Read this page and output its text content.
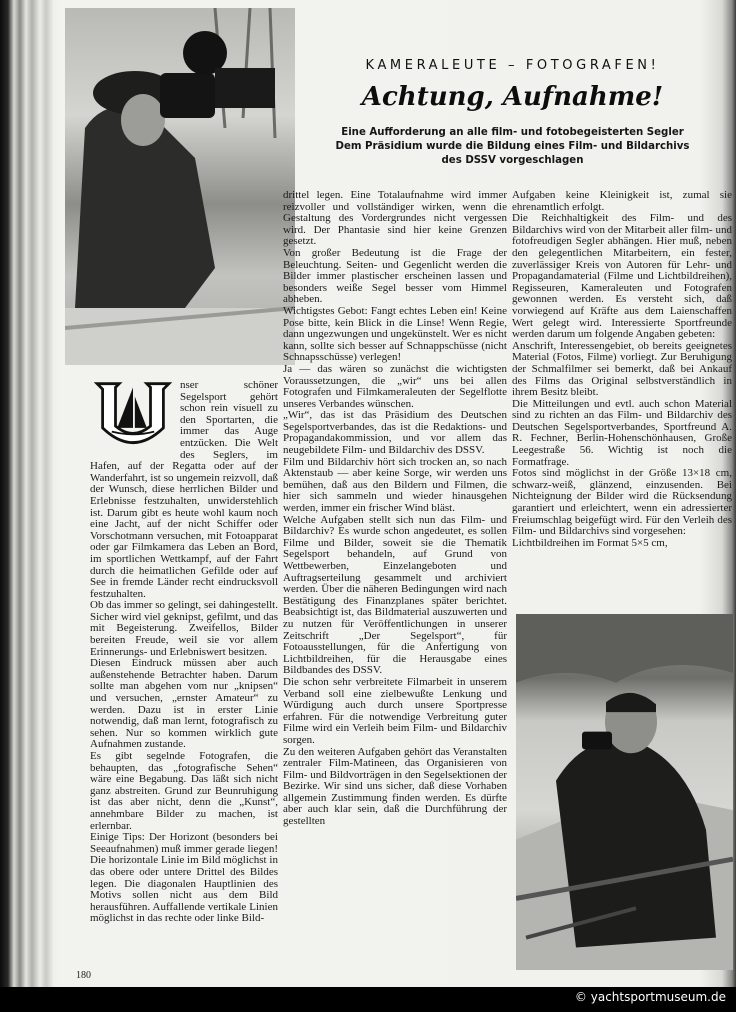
KAMERALEUTE – FOTOGRAFEN!
Achtung, Aufnahme!
Eine Aufforderung an alle film- und fotobegeisterten Segler
Dem Präsidium wurde die Bildung eines Film- und Bildarchivs
des DSSV vorgeschlagen

nser schöner Segelsport gehört schon rein visuell zu den Sportarten, die immer das Auge entzücken. Die Welt des Seglers, im Hafen, auf der Regatta oder auf der Wanderfahrt, ist so ungemein reizvoll, daß der Wunsch, diese herrlichen Bilder und Erlebnisse festzuhalten, unwiderstehlich ist. Darum gibt es heute wohl kaum noch eine Jacht, auf der nicht Schiffer oder Vorschotmann versuchen, mit Fotoapparat oder gar Filmkamera das Leben an Bord, im sportlichen Wettkampf, auf der Fahrt durch die heimatlichen Gefilde oder auf See in fremde Länder recht eindrucksvoll festzuhalten.

Ob das immer so gelingt, sei dahingestellt. Sicher wird viel geknipst, gefilmt, und das mit Begeisterung. Zweifellos, Bilder bereiten Freude, weil sie vor allem Erinnerungs- und Erlebniswert besitzen.

Diesen Eindruck müssen aber auch außenstehende Betrachter haben. Darum sollte man abgehen vom nur „knipsen“ und versuchen, „ernster Amateur“ zu werden. Dazu ist in erster Linie notwendig, daß man lernt, fotografisch zu sehen. Nur so kommen wirklich gute Aufnahmen zustande.

Es gibt segelnde Fotografen, die behaupten, das „fotografische Sehen“ wäre eine Begabung. Das läßt sich nicht ganz abstreiten. Grund zur Beunruhigung ist das aber nicht, denn die „Kunst“, annehmbare Bilder zu machen, ist erlernbar.

Einige Tips: Der Horizont (besonders bei Seeaufnahmen) muß immer gerade liegen! Die horizontale Linie im Bild möglichst in das obere oder untere Drittel des Bildes legen. Die diagonalen Hauptlinien des Motivs sollen nicht aus dem Bild herausführen. Auffallende vertikale Linien möglichst in das rechte oder linke Bild-

drittel legen. Eine Totalaufnahme wird immer reizvoller und vollständiger wirken, wenn die Gestaltung des Vordergrundes nicht vergessen wird. Der Phantasie sind hier keine Grenzen gesetzt.

Von großer Bedeutung ist die Frage der Beleuchtung. Seiten- und Gegenlicht werden die Bilder immer plastischer erscheinen lassen und besonders weiße Segel besser vom Himmel abheben.

Wichtigstes Gebot: Fangt echtes Leben ein! Keine Pose bitte, kein Blick in die Linse! Wenn Regie, dann ungezwungen und ungekünstelt. Wer es nicht kann, sollte sich besser auf Schnappschüsse (nicht Schnapsschüsse) verlegen!

Ja — das wären so zunächst die wichtigsten Voraussetzungen, die „wir“ uns bei allen Fotografen und Filmkameraleuten der Segelflotte unseres Verbandes wünschen.

„Wir“, das ist das Präsidium des Deutschen Segelsportverbandes, das ist die Redaktions- und Propagandakommission, und vor allem das neugebildete Film- und Bildarchiv des DSSV.

Film und Bildarchiv hört sich trocken an, so nach Aktenstaub — aber keine Sorge, wir werden uns bemühen, daß aus den Bildern und Filmen, die hier sich sammeln und wieder hinausgehen werden, immer ein frischer Wind bläst.

Welche Aufgaben stellt sich nun das Film- und Bildarchiv? Es wurde schon angedeutet, es sollen Filme und Bilder, soweit sie die Thematik Segelsport behandeln, auf Grund von Wettbewerben, Einzelangeboten und Auftragserteilung gesammelt und archiviert werden. Über die näheren Bedingungen wird nach Bestätigung des Finanzplanes später berichtet. Beabsichtigt ist, das Bildmaterial auszuwerten und zu nutzen für Veröffentlichungen in unserer Zeitschrift „Der Segelsport“, für Fotoausstellungen, für die Anfertigung von Lichtbildreihen, für die Herausgabe eines Bildbandes des DSSV.

Die schon sehr verbreitete Filmarbeit in unserem Verband soll eine zielbewußte Lenkung und Würdigung auch durch unsere Sportpresse erfahren. Für die notwendige Verbreitung guter Filme wird ein Verleih beim Film- und Bildarchiv sorgen.

Zu den weiteren Aufgaben gehört das Veranstalten zentraler Film-Matineen, das Organisieren von Film- und Bildvorträgen in den Segelsektionen der Bezirke. Wir sind uns sicher, daß diese Vorhaben allgemein Zustimmung finden werden. Es dürfte aber auch klar sein, daß die Durchführung der gestellten

Aufgaben keine Kleinigkeit ist, zumal sie ehrenamtlich erfolgt.

Die Reichhaltigkeit des Film- und des Bildarchivs wird von der Mitarbeit aller film- und fotofreudigen Segler abhängen. Hier muß, neben den gelegentlichen Mitarbeitern, ein fester, zuverlässiger Kreis von Autoren für Lehr- und Propagandamaterial (Filme und Lichtbildreihen), Regisseuren, Kameraleuten und Fotografen gewonnen werden. Es versteht sich, daß vorwiegend auf Kräfte aus dem Laienschaffen Wert gelegt wird. Interessierte Sportfreunde werden darum um folgende Angaben gebeten:

Anschrift, Interessengebiet, ob bereits geeignetes Material (Fotos, Filme) vorliegt. Zur Beruhigung der Schmalfilmer sei bemerkt, daß bei Ankauf des Films das Original selbstverständlich in ihrem Besitz bleibt.

Die Mitteilungen und evtl. auch schon Material sind zu richten an das Film- und Bildarchiv des Deutschen Segelsportverbandes, Sportfreund A. R. Fechner, Berlin-Hohenschönhausen, Große Leegestraße 56. Wichtig ist noch die Formatfrage.

Fotos sind möglichst in der Größe 13×18 cm, schwarz-weiß, glänzend, einzusenden. Bei Nichteignung der Bilder wird die Rücksendung garantiert und erleichtert, wenn ein adressierter Freiumschlag beigefügt wird. Für den Verleih des Film- und Bildarchivs sind vorgesehen:

Lichtbildreihen im Format 5×5 cm,

180
© yachtsportmuseum.de
